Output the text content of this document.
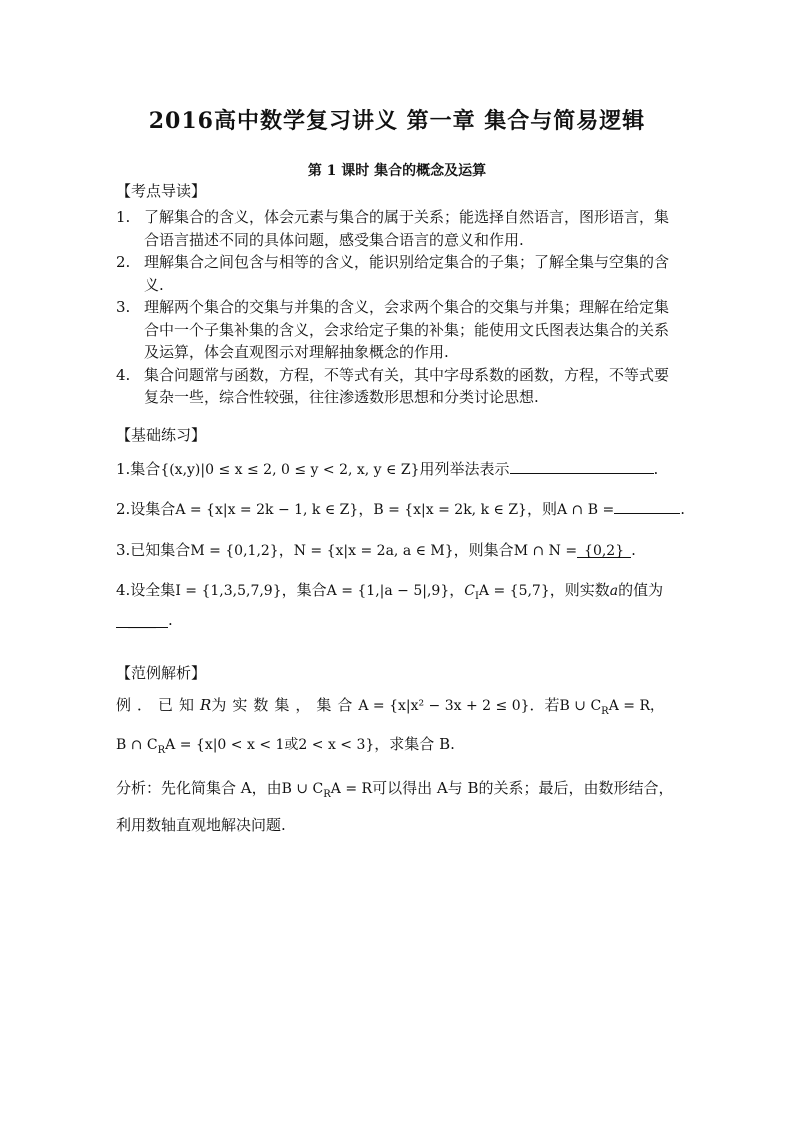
2016高中数学复习讲义 第一章 集合与简易逻辑
第 1 课时 集合的概念及运算

【考点导读】

1. 了解集合的含义，体会元素与集合的属于关系；能选择自然语言，图形语言，集合语言描述不同的具体问题，感受集合语言的意义和作用.
2. 理解集合之间包含与相等的含义，能识别给定集合的子集；了解全集与空集的含义.
3. 理解两个集合的交集与并集的含义，会求两个集合的交集与并集；理解在给定集合中一个子集补集的含义，会求给定子集的补集；能使用文氏图表达集合的关系及运算，体会直观图示对理解抽象概念的作用.
4. 集合问题常与函数，方程，不等式有关，其中字母系数的函数，方程，不等式要复杂一些，综合性较强，往往渗透数形思想和分类讨论思想.

【基础练习】

1.集合{(x,y)|0 ≤ x ≤ 2, 0 ≤ y < 2, x, y ∈ Z}用列举法表示	.

2.设集合A = {x|x = 2k − 1, k ∈ Z}，B = {x|x = 2k, k ∈ Z}，则A ∩ B =	.

3.已知集合M = {0,1,2}，N = {x|x = 2a, a ∈ M}，则集合M ∩ N = {0,2} .

4.设全集I = {1,3,5,7,9}，集合A = {1,|a − 5|,9}，$C_IA = \{5,7\}$，则实数a的值为

____ .

【范例解析】

例．已知R为实数集，集合A = {x|x² − 3x + 2 ≤ 0}．若B ∪ $C_RA = R$，

B ∩ $C_RA = \{x|0 < x < 1$或2 < x < 3}，求集合 B.

分析：先化简集合 A，由B ∪ $C_RA = R$可以得出 A与 B的关系；最后，由数形结合，利用数轴直观地解决问题.
